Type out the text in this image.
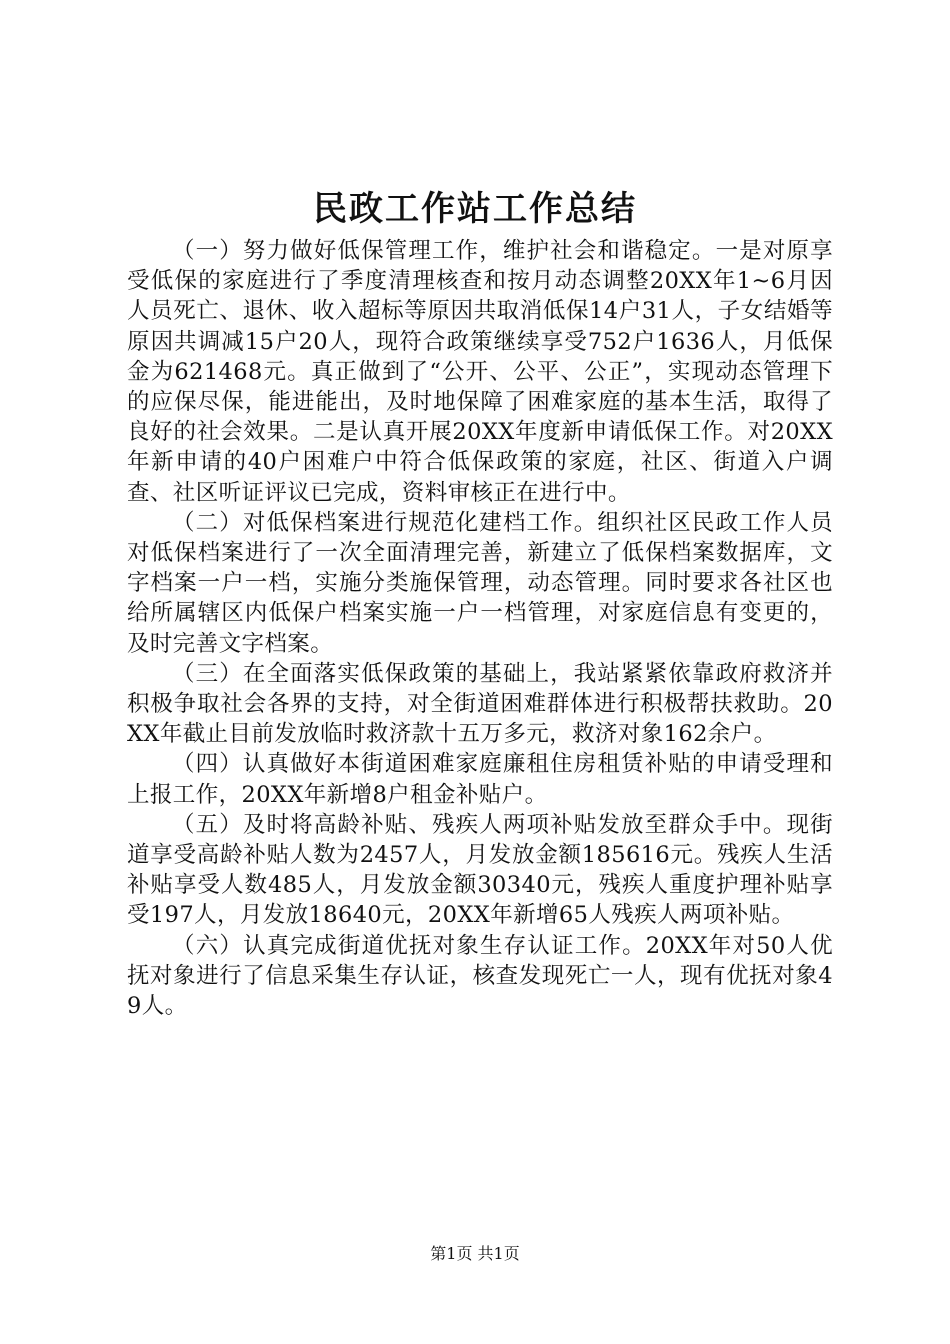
民政工作站工作总结

（一）努力做好低保管理工作，维护社会和谐稳定。一是对原享受低保的家庭进行了季度清理核查和按月动态调整20XX年1~6月因人员死亡、退休、收入超标等原因共取消低保14户31人，子女结婚等原因共调减15户20人，现符合政策继续享受752户1636人，月低保金为621468元。真正做到了“公开、公平、公正”，实现动态管理下的应保尽保，能进能出，及时地保障了困难家庭的基本生活，取得了良好的社会效果。二是认真开展20XX年度新申请低保工作。对20XX年新申请的40户困难户中符合低保政策的家庭，社区、街道入户调查、社区听证评议已完成，资料审核正在进行中。

（二）对低保档案进行规范化建档工作。组织社区民政工作人员对低保档案进行了一次全面清理完善，新建立了低保档案数据库，文字档案一户一档，实施分类施保管理，动态管理。同时要求各社区也给所属辖区内低保户档案实施一户一档管理，对家庭信息有变更的，及时完善文字档案。

（三）在全面落实低保政策的基础上，我站紧紧依靠政府救济并积极争取社会各界的支持，对全街道困难群体进行积极帮扶救助。20XX年截止目前发放临时救济款十五万多元，救济对象162余户。

（四）认真做好本街道困难家庭廉租住房租赁补贴的申请受理和上报工作，20XX年新增8户租金补贴户。

（五）及时将高龄补贴、残疾人两项补贴发放至群众手中。现街道享受高龄补贴人数为2457人，月发放金额185616元。残疾人生活补贴享受人数485人，月发放金额30340元，残疾人重度护理补贴享受197人，月发放18640元，20XX年新增65人残疾人两项补贴。

（六）认真完成街道优抚对象生存认证工作。20XX年对50人优抚对象进行了信息采集生存认证，核查发现死亡一人，现有优抚对象49人。

第1页 共1页
